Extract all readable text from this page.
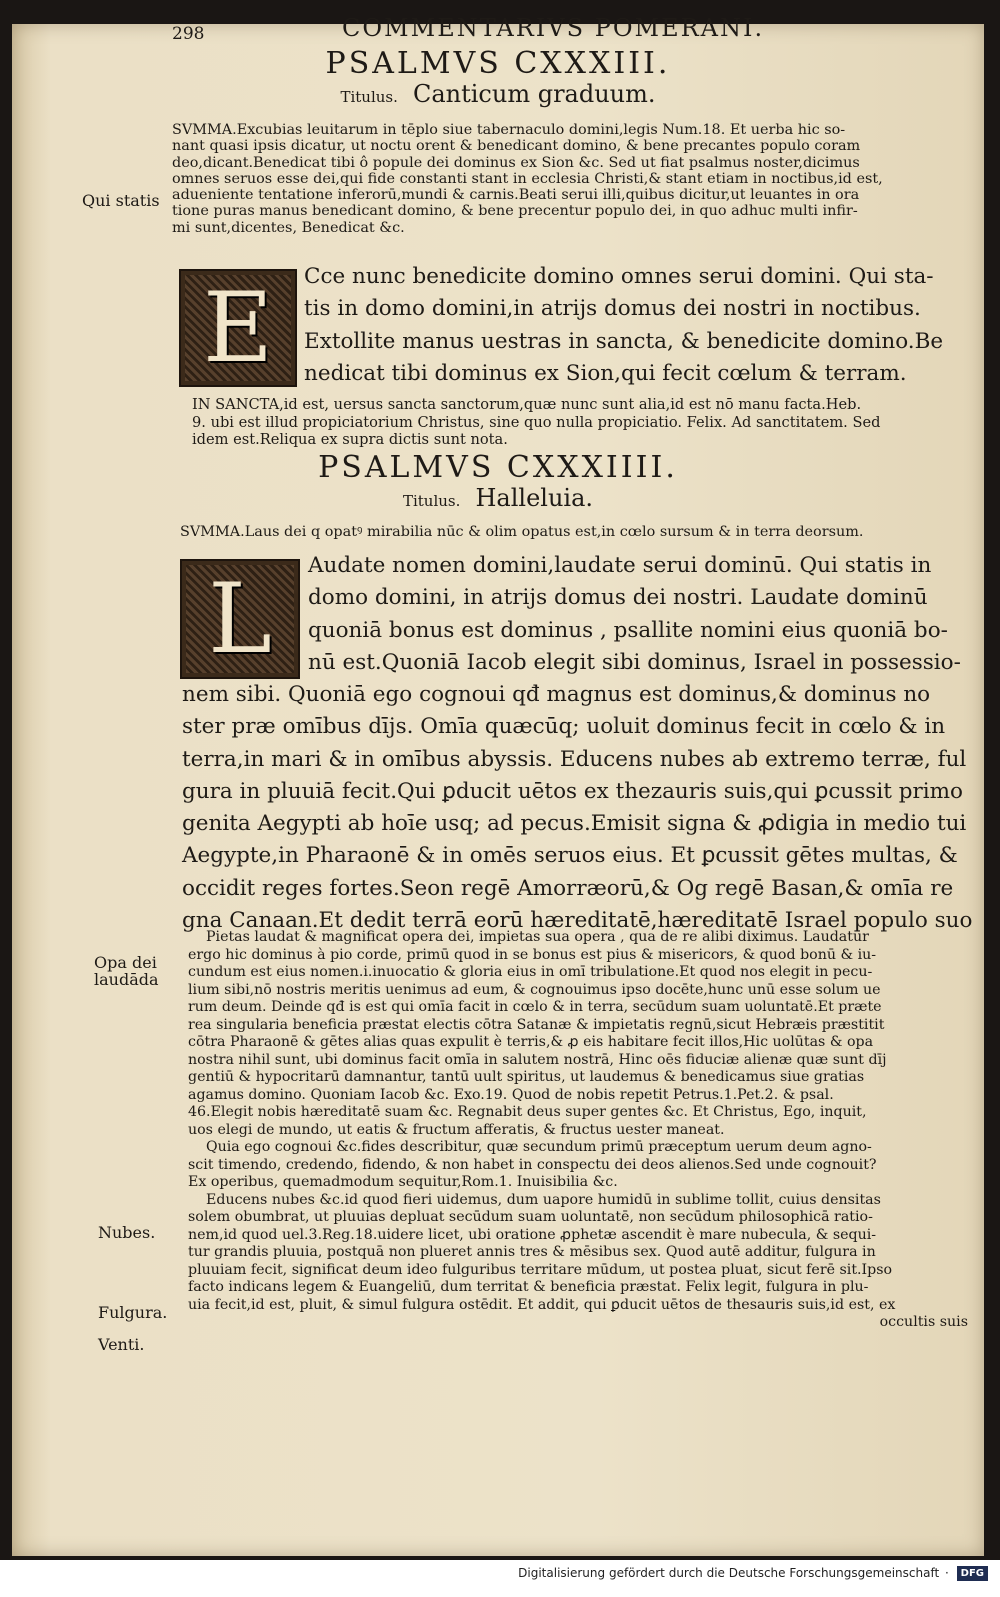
298	COMMENTARIVS POMERANI.
PSALMVS CXXXIII.
Titulus. Canticum graduum.
SVMMA.Excubias leuitarum in tēplo siue tabernaculo domini,legis Num.18. Et uerba hic so-
nant quasi ipsis dicatur, ut noctu orent & benedicant domino, & bene precantes populo coram
deo,dicant.Benedicat tibi ô popule dei dominus ex Sion &c. Sed ut fiat psalmus noster,dicimus
omnes seruos esse dei,qui fide constanti stant in ecclesia Christi,& stant etiam in noctibus,id est,
adueniente tentatione inferorū,mundi & carnis.Beati serui illi,quibus dicitur,ut leuantes in ora
tione puras manus benedicant domino, & bene precentur populo dei, in quo adhuc multi infir-
mi sunt,dicentes, Benedicat &c.
Qui statis
E	Cce nunc benedicite domino omnes serui domini. Qui sta-
tis in domo domini,in atrijs domus dei nostri in noctibus.
Extollite manus uestras in sancta, & benedicite domino.Be
nedicat tibi dominus ex Sion,qui fecit cœlum & terram.
IN SANCTA,id est, uersus sancta sanctorum,quæ nunc sunt alia,id est nō manu facta.Heb.
9. ubi est illud propiciatorium Christus, sine quo nulla propiciatio. Felix. Ad sanctitatem. Sed
idem est.Reliqua ex supra dictis sunt nota.
PSALMVS CXXXIIII.
Titulus. Halleluia.
SVMMA.Laus dei q opatꝰ mirabilia nūc & olim opatus est,in cœlo sursum & in terra deorsum.
L	Audate nomen domini,laudate serui dominū. Qui statis in
domo domini, in atrijs domus dei nostri. Laudate dominū
quoniā bonus est dominus , psallite nomini eius quoniā bo-
nū est.Quoniā Iacob elegit sibi dominus, Israel in possessio-
nem sibi. Quoniā ego cognoui qđ magnus est dominus,& dominus no
ster præ omībus dījs. Omīa quæcūq; uoluit dominus fecit in cœlo & in
terra,in mari & in omībus abyssis. Educens nubes ab extremo terræ, ful
gura in pluuiā fecit.Qui ꝑducit uētos ex thezauris suis,qui ꝑcussit primo
genita Aegypti ab hoīe usq; ad pecus.Emisit signa & ꝓdigia in medio tui
Aegypte,in Pharaonē & in omēs seruos eius. Et ꝑcussit gētes multas, &
occidit reges fortes.Seon regē Amorræorū,& Og regē Basan,& omīa re
gna Canaan.Et dedit terrā eorū hæreditatē,hæreditatē Israel populo suo
Opa dei laudāda
Nubes.
Fulgura.
Venti.
Pietas laudat & magnificat opera dei, impietas sua opera , qua de re alibi diximus. Laudatur
ergo hic dominus à pio corde, primū quod in se bonus est pius & misericors, & quod bonū & iu-
cundum est eius nomen.i.inuocatio & gloria eius in omī tribulatione.Et quod nos elegit in pecu-
lium sibi,nō nostris meritis uenimus ad eum, & cognouimus ipso docēte,hunc unū esse solum ue
rum deum. Deinde qđ is est qui omīa facit in cœlo & in terra, secūdum suam uoluntatē.Et præte
rea singularia beneficia præstat electis cōtra Satanæ & impietatis regnū,sicut Hebræis præstitit
cōtra Pharaonē & gētes alias quas expulit è terris,& ꝓ eis habitare fecit illos,Hic uolūtas & opa
nostra nihil sunt, ubi dominus facit omīa in salutem nostrā, Hinc oēs fiduciæ alienæ quæ sunt dīj
gentiū & hypocritarū damnantur, tantū uult spiritus, ut laudemus & benedicamus siue gratias
agamus domino. Quoniam Iacob &c. Exo.19. Quod de nobis repetit Petrus.1.Pet.2. & psal.
46.Elegit nobis hæreditatē suam &c. Regnabit deus super gentes &c. Et Christus, Ego, inquit,
uos elegi de mundo, ut eatis & fructum afferatis, & fructus uester maneat.
Quia ego cognoui &c.fides describitur, quæ secundum primū præceptum uerum deum agno-
scit timendo, credendo, fidendo, & non habet in conspectu dei deos alienos.Sed unde cognouit?
Ex operibus, quemadmodum sequitur,Rom.1. Inuisibilia &c.
Educens nubes &c.id quod fieri uidemus, dum uapore humidū in sublime tollit, cuius densitas
solem obumbrat, ut pluuias depluat secūdum suam uoluntatē, non secūdum philosophicā ratio-
nem,id quod uel.3.Reg.18.uidere licet, ubi oratione ꝓphetæ ascendit è mare nubecula, & sequi-
tur grandis pluuia, postquā non plueret annis tres & mēsibus sex. Quod autē additur, fulgura in
pluuiam fecit, significat deum ideo fulguribus territare mūdum, ut postea pluat, sicut ferē sit.Ipso
facto indicans legem & Euangeliū, dum territat & beneficia præstat. Felix legit, fulgura in plu-
uia fecit,id est, pluit, & simul fulgura ostēdit. Et addit, qui ꝑducit uētos de thesauris suis,id est, ex
occultis suis
Digitalisierung gefördert durch die Deutsche Forschungsgemeinschaft · DFG
